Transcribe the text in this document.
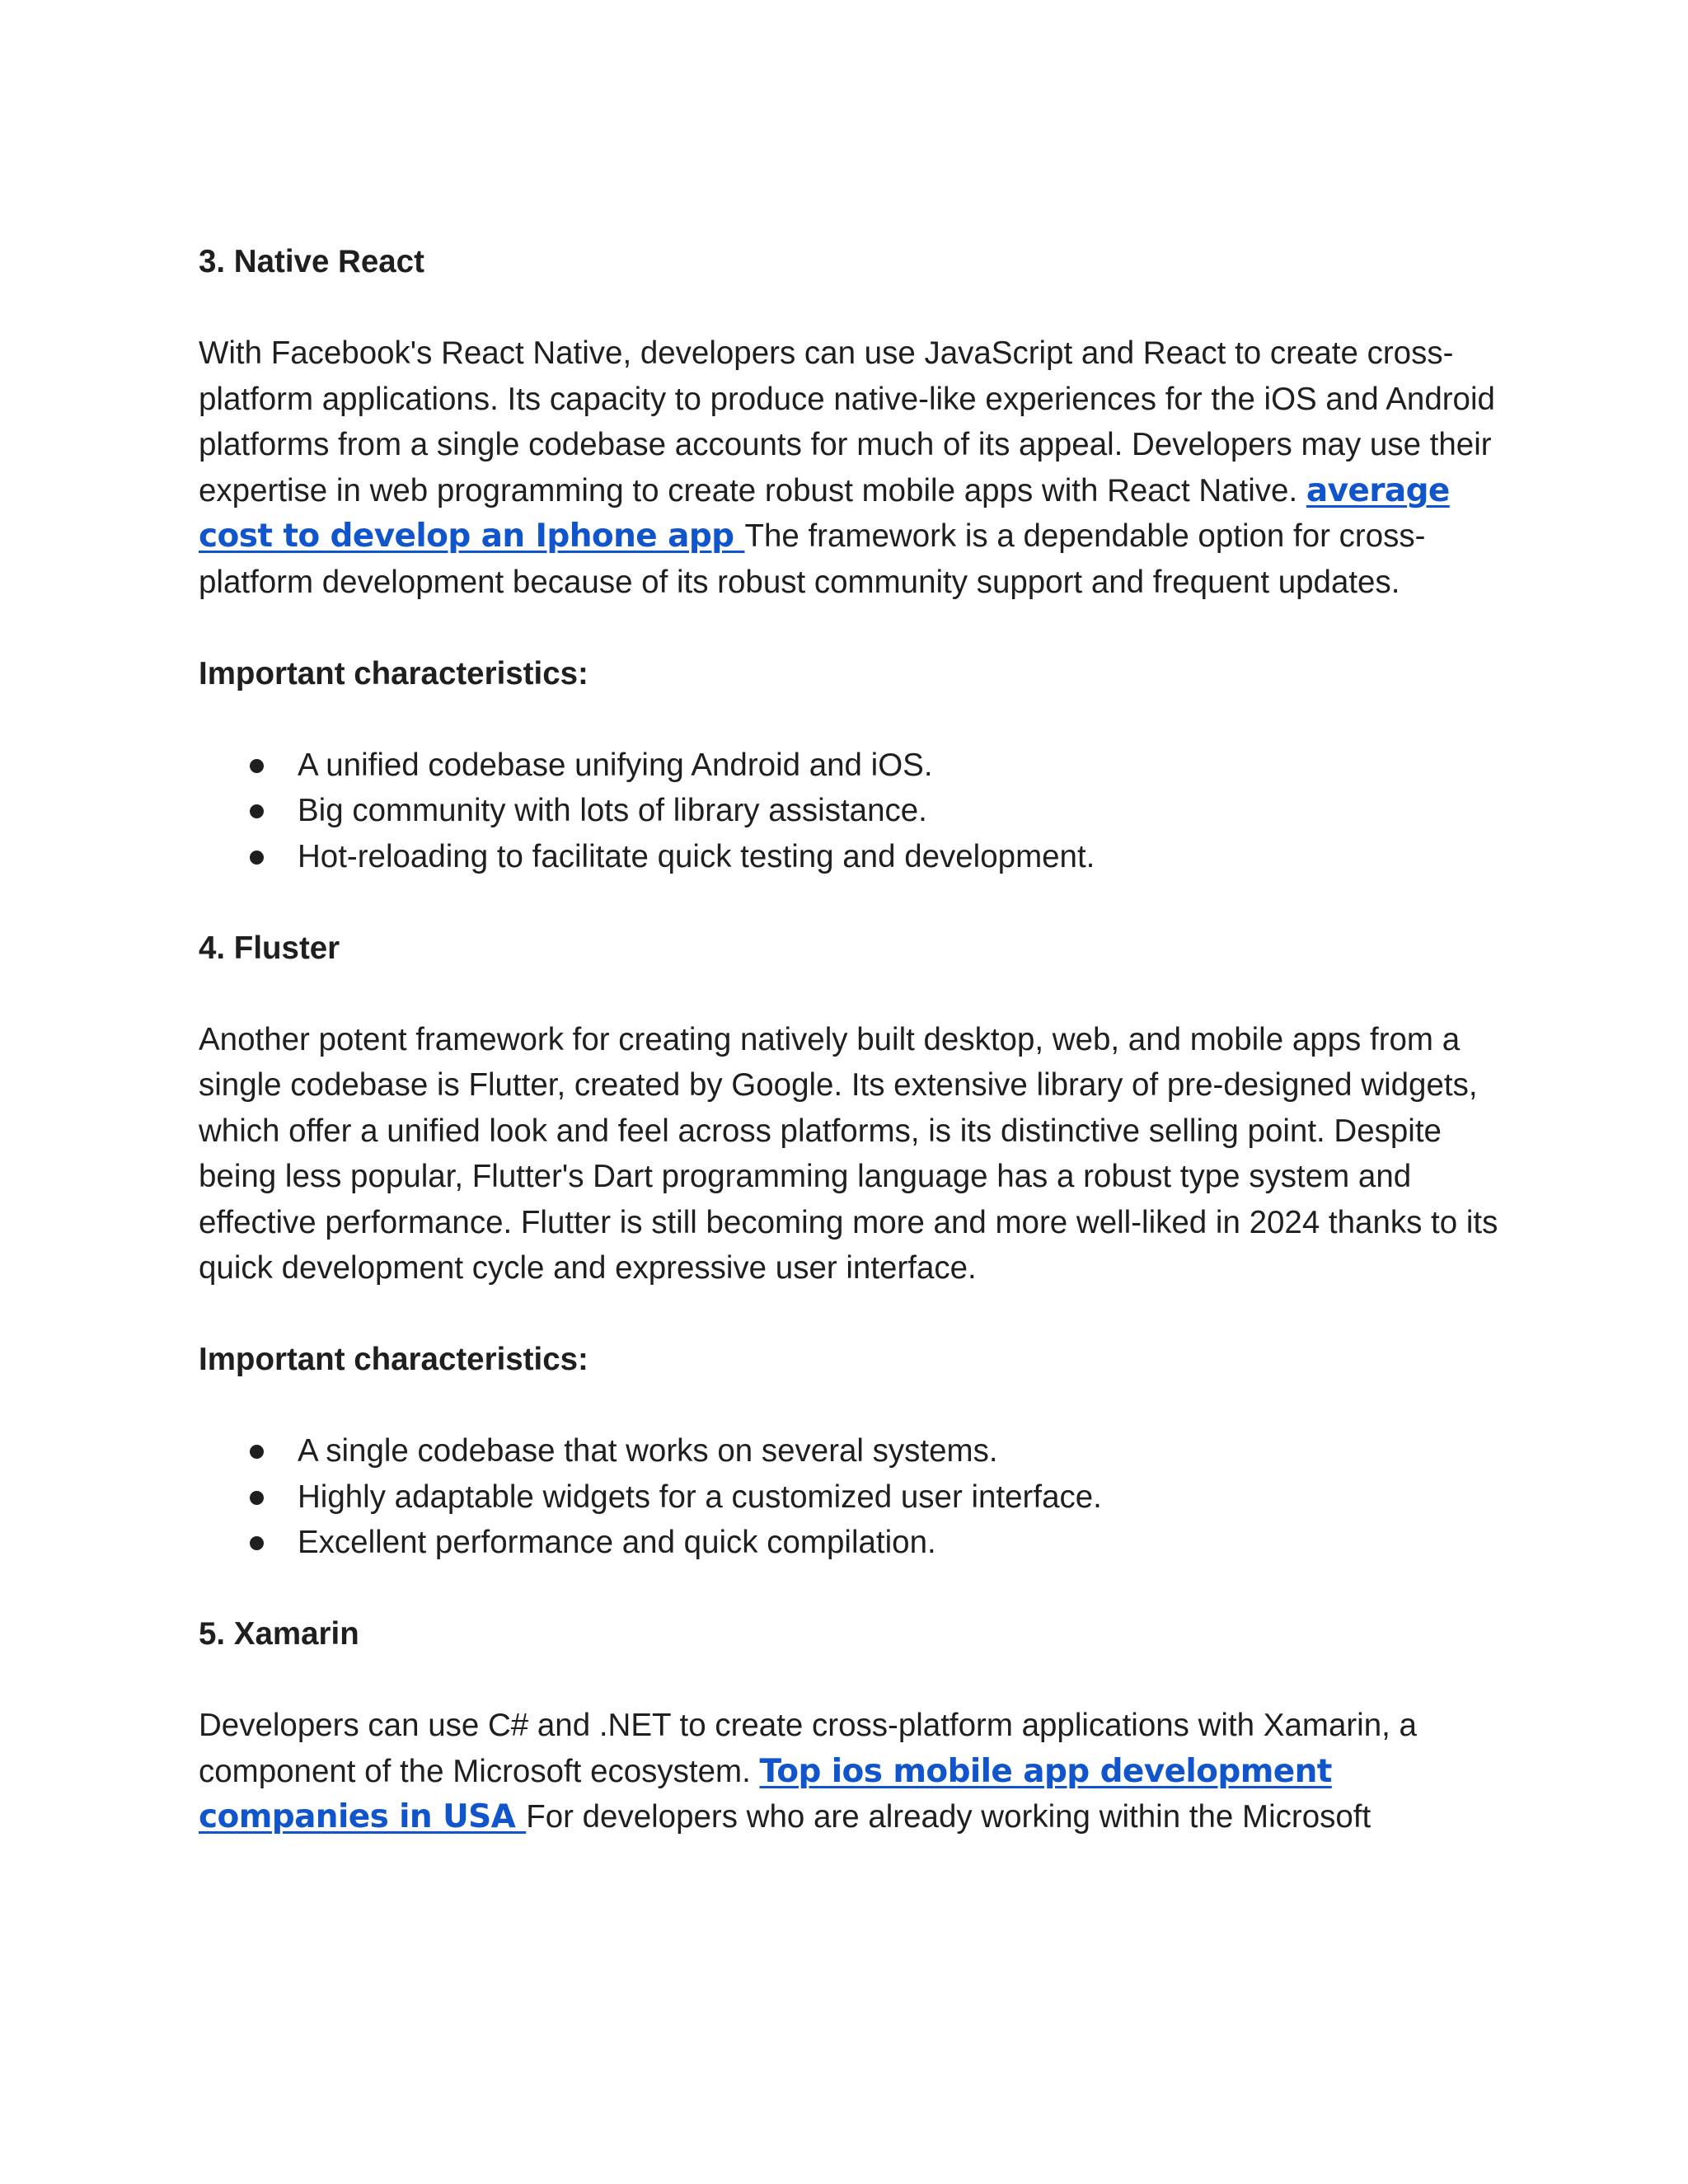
3. Native React

With Facebook's React Native, developers can use JavaScript and React to create cross-platform applications. Its capacity to produce native-like experiences for the iOS and Android platforms from a single codebase accounts for much of its appeal. Developers may use their expertise in web programming to create robust mobile apps with React Native. average cost to develop an Iphone app The framework is a dependable option for cross-platform development because of its robust community support and frequent updates.

Important characteristics:

A unified codebase unifying Android and iOS.
Big community with lots of library assistance.
Hot-reloading to facilitate quick testing and development.

4. Fluster

Another potent framework for creating natively built desktop, web, and mobile apps from a single codebase is Flutter, created by Google. Its extensive library of pre-designed widgets, which offer a unified look and feel across platforms, is its distinctive selling point. Despite being less popular, Flutter's Dart programming language has a robust type system and effective performance. Flutter is still becoming more and more well-liked in 2024 thanks to its quick development cycle and expressive user interface.

Important characteristics:

A single codebase that works on several systems.
Highly adaptable widgets for a customized user interface.
Excellent performance and quick compilation.

5. Xamarin

Developers can use C# and .NET to create cross-platform applications with Xamarin, a component of the Microsoft ecosystem. Top ios mobile app development companies in USA For developers who are already working within the Microsoft
